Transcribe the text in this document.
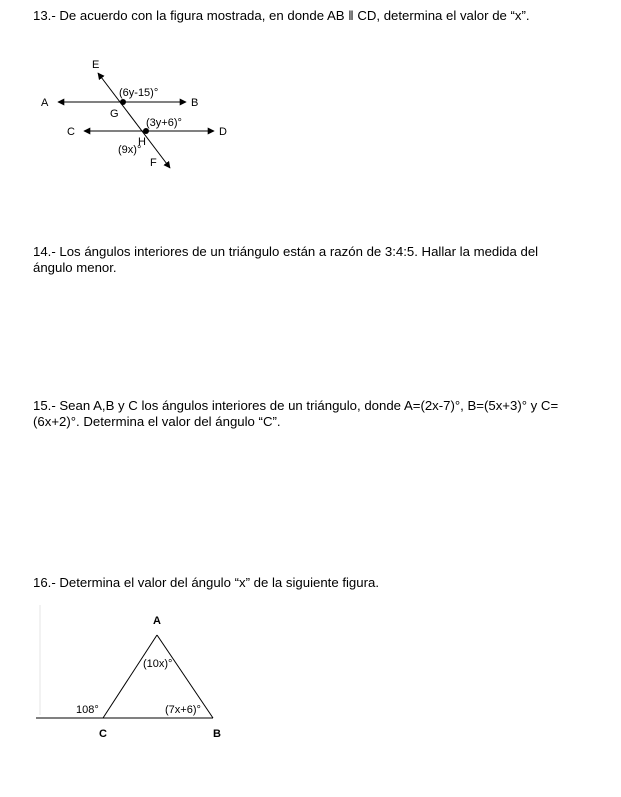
13.- De acuerdo con la figura mostrada, en donde AB ‖ CD, determina el valor de “x”.
E
A	B
G
C	D
H
F
(6y-15)°
(3y+6)°
(9x)°
A
C	B
(10x)°
(7x+6)°
108°
14.- Los ángulos interiores de un triángulo están a razón de 3:4:5. Hallar la medida del ángulo menor.
15.- Sean A,B y C los ángulos interiores de un triángulo, donde A=(2x-7)°, B=(5x+3)° y C=(6x+2)°. Determina el valor del ángulo “C”.
16.- Determina el valor del ángulo “x” de la siguiente figura.
